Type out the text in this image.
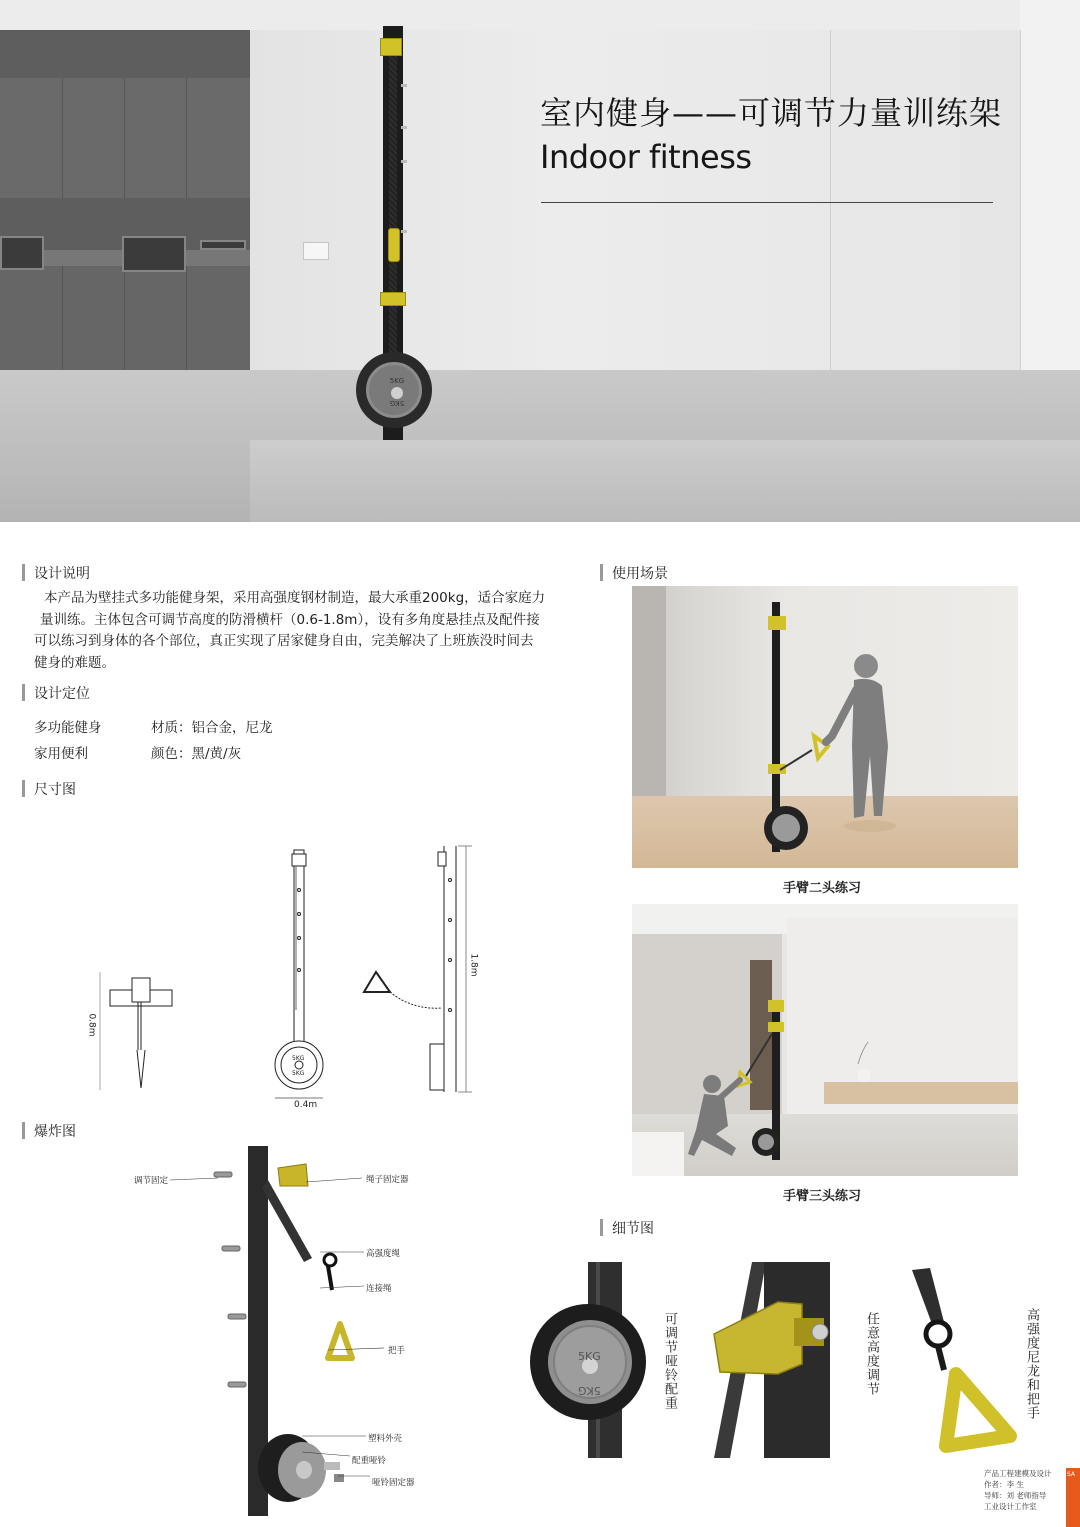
5KG
5KG
室内健身——可调节力量训练架
Indoor fitness
设计说明
本产品为壁挂式多功能健身架，采用高强度钢材制造，最大承重200kg，适合家庭力
量训练。主体包含可调节高度的防滑横杆（0.6-1.8m），设有多角度悬挂点及配件接
可以练习到身体的各个部位，真正实现了居家健身自由，完美解决了上班族没时间去
健身的难题。
设计定位
多功能健身	材质：铝合金，尼龙
家用便利	颜色：黑/黄/灰
尺寸图
0.8m
0.4m
1.8m
5KG
5KG
爆炸图
调节固定	绳子固定器
高强度绳
连接绳
把手
塑料外壳
配重哑铃
哑铃固定器
使用场景
手臂二头练习
手臂三头练习
细节图
5KG
5KG	可调节哑铃配重	任意高度调节	高强度尼龙和把手
产品工程建模及设计
作者：李 生
导师：刘 老师指导
工业设计工作室
SA
